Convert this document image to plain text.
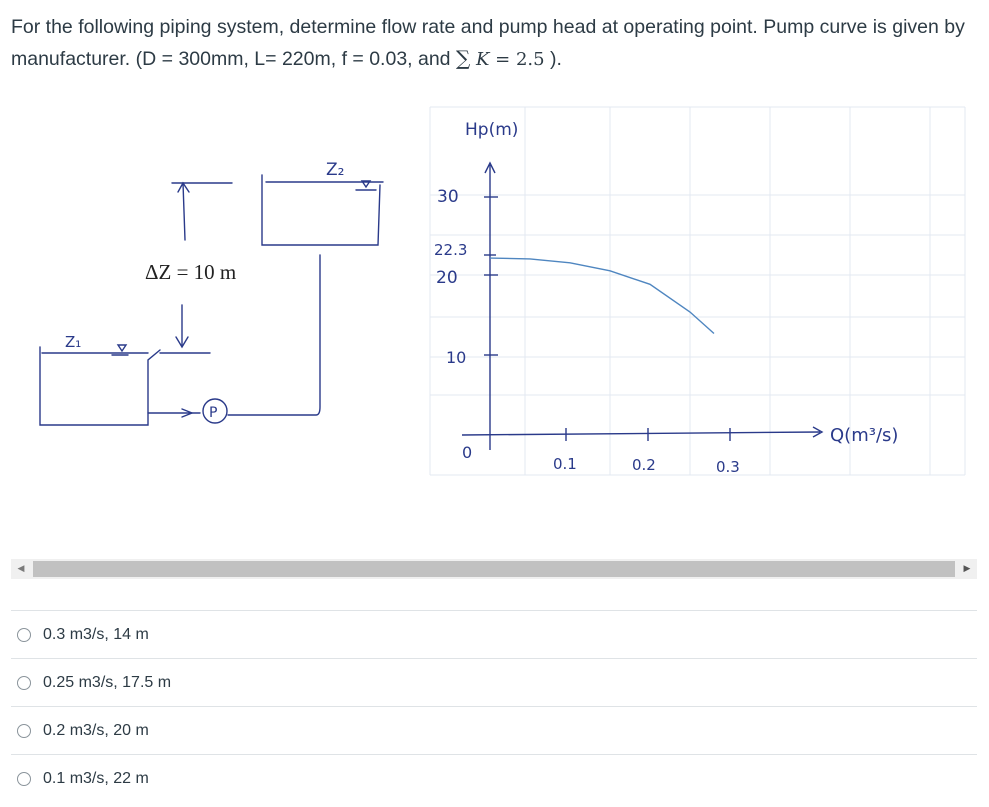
For the following piping system, determine flow rate and pump head at operating point. Pump curve is given by manufacturer. (D = 300mm, L= 220m, f = 0.03, and ∑ K = 2.5 ).
ΔZ = 10 m
Z₁
Z₂
P
Hp(m)
30
22.3
20
10
0
0.1	0.2	0.3
Q(m³/s)
◀	▶
0.3 m3/s, 14 m
0.25 m3/s, 17.5 m
0.2 m3/s, 20 m
0.1 m3/s, 22 m
